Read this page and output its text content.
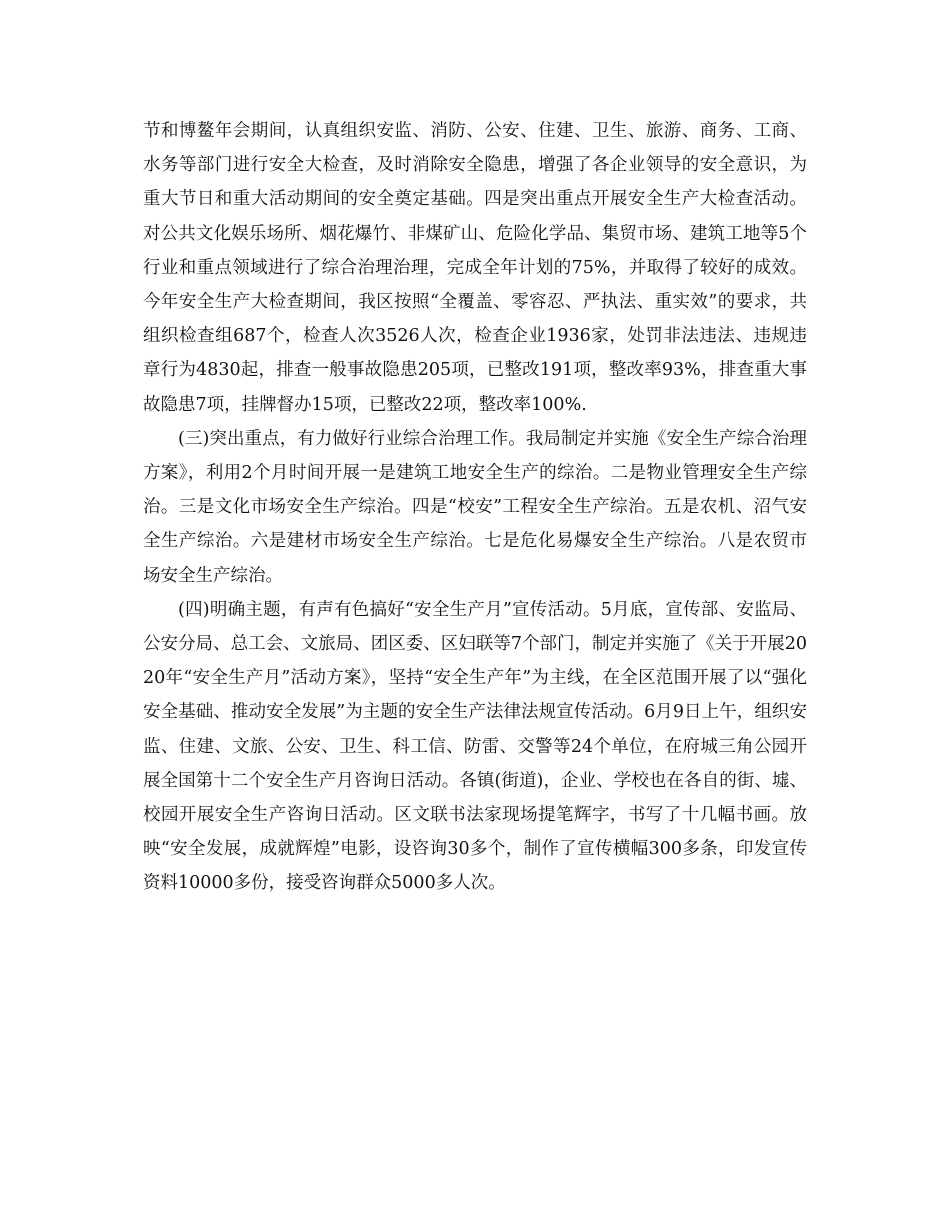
节和博鳌年会期间，认真组织安监、消防、公安、住建、卫生、旅游、商务、工商、水务等部门进行安全大检查，及时消除安全隐患，增强了各企业领导的安全意识，为重大节日和重大活动期间的安全奠定基础。四是突出重点开展安全生产大检查活动。对公共文化娱乐场所、烟花爆竹、非煤矿山、危险化学品、集贸市场、建筑工地等5个行业和重点领域进行了综合治理治理，完成全年计划的75%，并取得了较好的成效。今年安全生产大检查期间，我区按照“全覆盖、零容忍、严执法、重实效”的要求，共组织检查组687个，检查人次3526人次，检查企业1936家，处罚非法违法、违规违章行为4830起，排查一般事故隐患205项，已整改191项，整改率93%，排查重大事故隐患7项，挂牌督办15项，已整改22项，整改率100%.

(三)突出重点，有力做好行业综合治理工作。我局制定并实施《安全生产综合治理方案》，利用2个月时间开展一是建筑工地安全生产的综治。二是物业管理安全生产综治。三是文化市场安全生产综治。四是“校安”工程安全生产综治。五是农机、沼气安全生产综治。六是建材市场安全生产综治。七是危化易爆安全生产综治。八是农贸市场安全生产综治。

(四)明确主题，有声有色搞好“安全生产月”宣传活动。5月底，宣传部、安监局、公安分局、总工会、文旅局、团区委、区妇联等7个部门，制定并实施了《关于开展2020年“安全生产月”活动方案》，坚持“安全生产年”为主线，在全区范围开展了以“强化安全基础、推动安全发展”为主题的安全生产法律法规宣传活动。6月9日上午，组织安监、住建、文旅、公安、卫生、科工信、防雷、交警等24个单位，在府城三角公园开展全国第十二个安全生产月咨询日活动。各镇(街道)，企业、学校也在各自的街、墟、校园开展安全生产咨询日活动。区文联书法家现场提笔辉字，书写了十几幅书画。放映“安全发展，成就辉煌”电影，设咨询30多个，制作了宣传横幅300多条，印发宣传资料10000多份，接受咨询群众5000多人次。
